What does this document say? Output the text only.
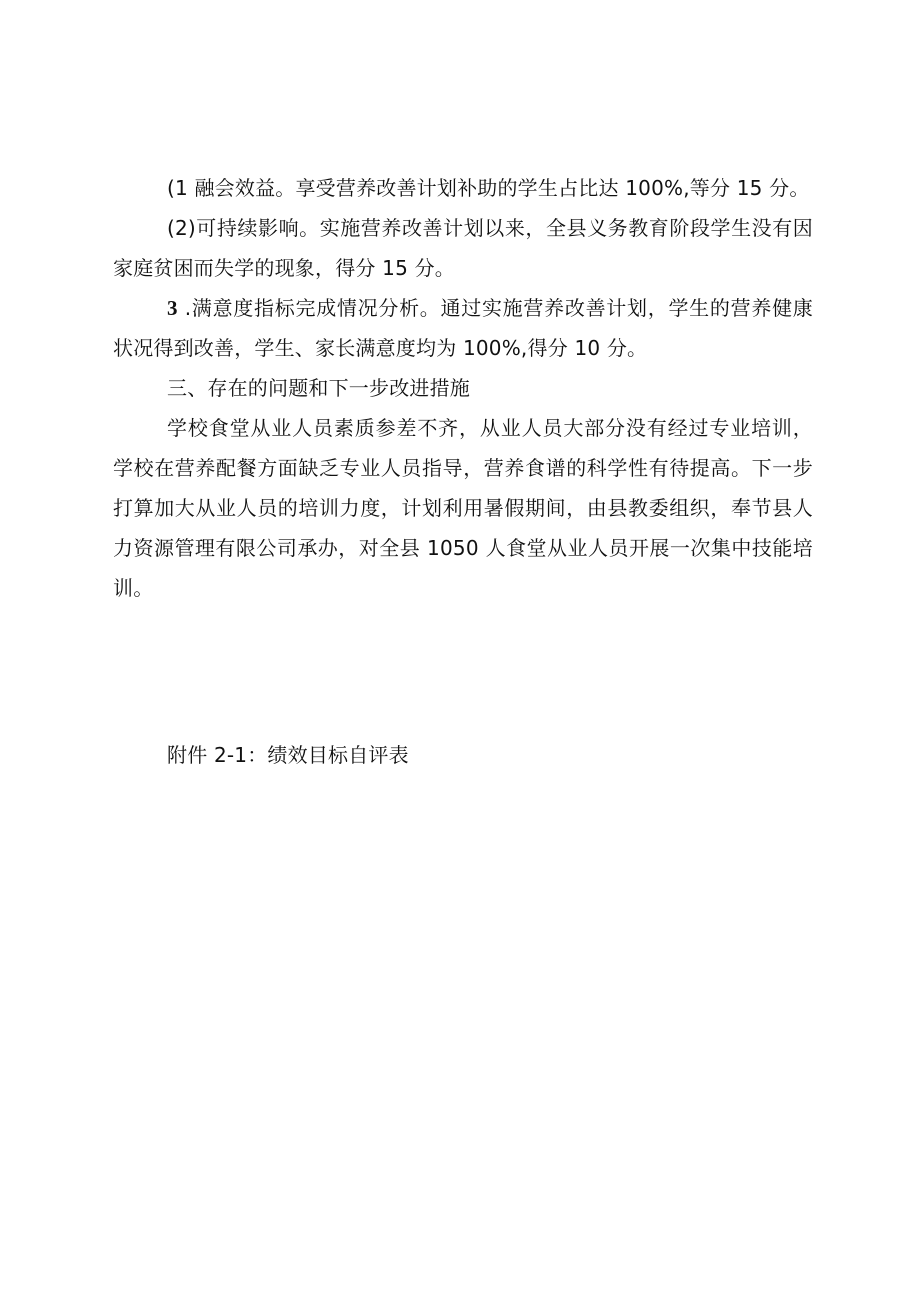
(1 融会效益。享受营养改善计划补助的学生占比达 100%,等分 15 分。

(2)可持续影响。实施营养改善计划以来，全县义务教育阶段学生没有因家庭贫困而失学的现象，得分 15 分。

3 .满意度指标完成情况分析。通过实施营养改善计划，学生的营养健康状况得到改善，学生、家长满意度均为 100%,得分 10 分。

三、存在的问题和下一步改进措施

学校食堂从业人员素质参差不齐，从业人员大部分没有经过专业培训，学校在营养配餐方面缺乏专业人员指导，营养食谱的科学性有待提高。下一步打算加大从业人员的培训力度，计划利用暑假期间，由县教委组织，奉节县人力资源管理有限公司承办，对全县 1050 人食堂从业人员开展一次集中技能培训。

附件 2-1：绩效目标自评表
